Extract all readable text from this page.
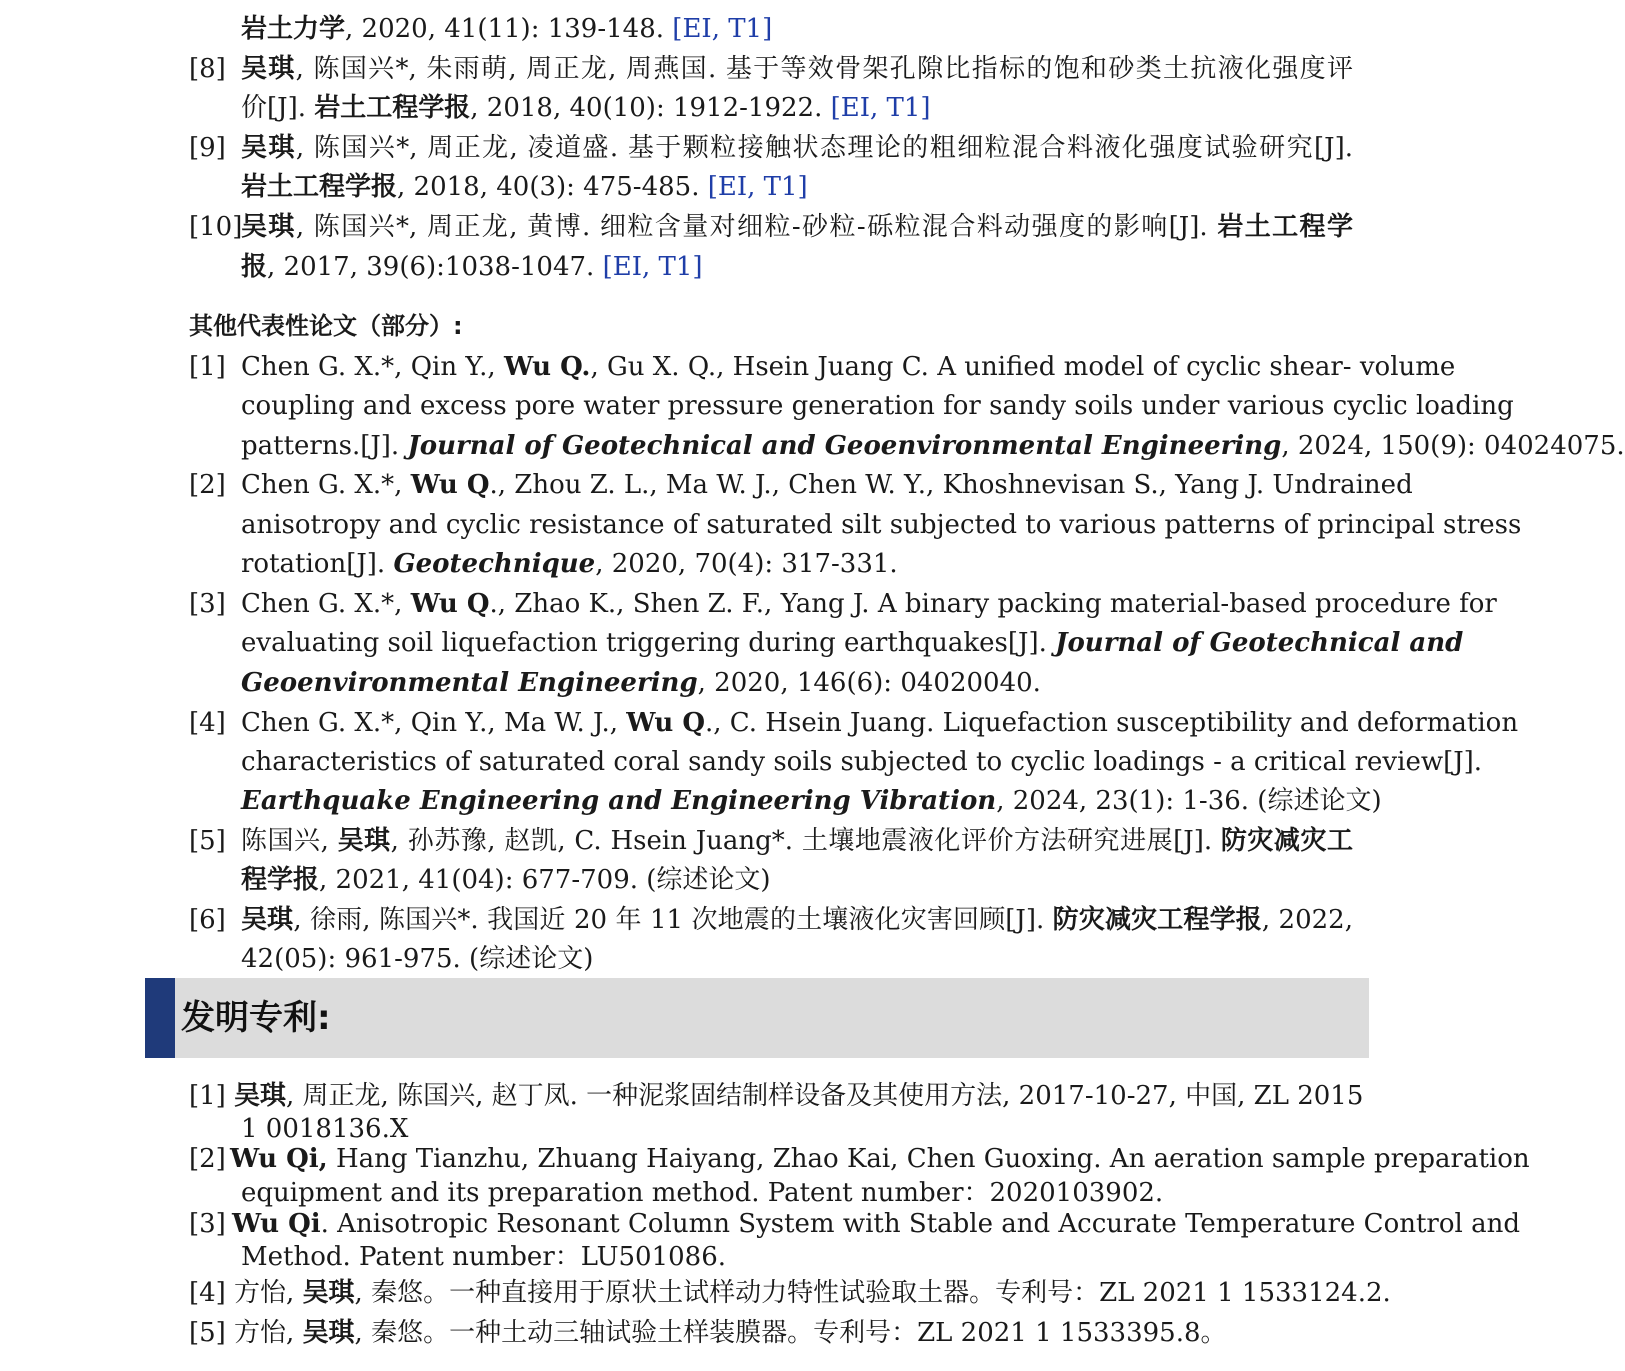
岩土力学, 2020, 41(11): 139-148. [EI, T1]
[8] 吴琪, 陈国兴*, 朱雨萌, 周正龙, 周燕国. 基于等效骨架孔隙比指标的饱和砂类土抗液化强度评
价[J]. 岩土工程学报, 2018, 40(10): 1912-1922. [EI, T1]
[9] 吴琪, 陈国兴*, 周正龙, 凌道盛. 基于颗粒接触状态理论的粗细粒混合料液化强度试验研究[J].
岩土工程学报, 2018, 40(3): 475-485. [EI, T1]
[10]
吴琪, 陈国兴*, 周正龙, 黄博. 细粒含量对细粒-砂粒-砾粒混合料动强度的影响[J]. 岩土工程学
报, 2017, 39(6):1038-1047. [EI, T1]
其他代表性论文（部分）:
[1] Chen G. X.*, Qin Y., Wu Q., Gu X. Q., Hsein Juang C. A unified model of cyclic shear- volume
coupling and excess pore water pressure generation for sandy soils under various cyclic loading
patterns.[J]. Journal of Geotechnical and Geoenvironmental Engineering, 2024, 150(9): 04024075.
[2] Chen G. X.*, Wu Q., Zhou Z. L., Ma W. J., Chen W. Y., Khoshnevisan S., Yang J. Undrained
anisotropy and cyclic resistance of saturated silt subjected to various patterns of principal stress
rotation[J]. Geotechnique, 2020, 70(4): 317-331.
[3] Chen G. X.*, Wu Q., Zhao K., Shen Z. F., Yang J. A binary packing material-based procedure for
evaluating soil liquefaction triggering during earthquakes[J]. Journal of Geotechnical and
Geoenvironmental Engineering, 2020, 146(6): 04020040.
[4] Chen G. X.*, Qin Y., Ma W. J., Wu Q., C. Hsein Juang. Liquefaction susceptibility and deformation
characteristics of saturated coral sandy soils subjected to cyclic loadings - a critical review[J].
Earthquake Engineering and Engineering Vibration, 2024, 23(1): 1-36. (综述论文)
[5] 陈国兴, 吴琪, 孙苏豫, 赵凯, C. Hsein Juang*. 土壤地震液化评价方法研究进展[J]. 防灾减灾工
程学报, 2021, 41(04): 677-709. (综述论文)
[6] 吴琪, 徐雨, 陈国兴*. 我国近 20 年 11 次地震的土壤液化灾害回顾[J]. 防灾减灾工程学报, 2022,
42(05): 961-975. (综述论文)
发明专利:
[1] 吴琪, 周正龙, 陈国兴, 赵丁凤. 一种泥浆固结制样设备及其使用方法, 2017-10-27, 中国, ZL 2015
1 0018136.X
[2] Wu Qi, Hang Tianzhu, Zhuang Haiyang, Zhao Kai, Chen Guoxing. An aeration sample preparation
equipment and its preparation method. Patent number：2020103902.
[3] Wu Qi. Anisotropic Resonant Column System with Stable and Accurate Temperature Control and
Method. Patent number：LU501086.
[4] 方怡, 吴琪, 秦悠。一种直接用于原状土试样动力特性试验取土器。专利号：ZL 2021 1 1533124.2.
[5] 方怡, 吴琪, 秦悠。一种土动三轴试验土样装膜器。专利号：ZL 2021 1 1533395.8。
